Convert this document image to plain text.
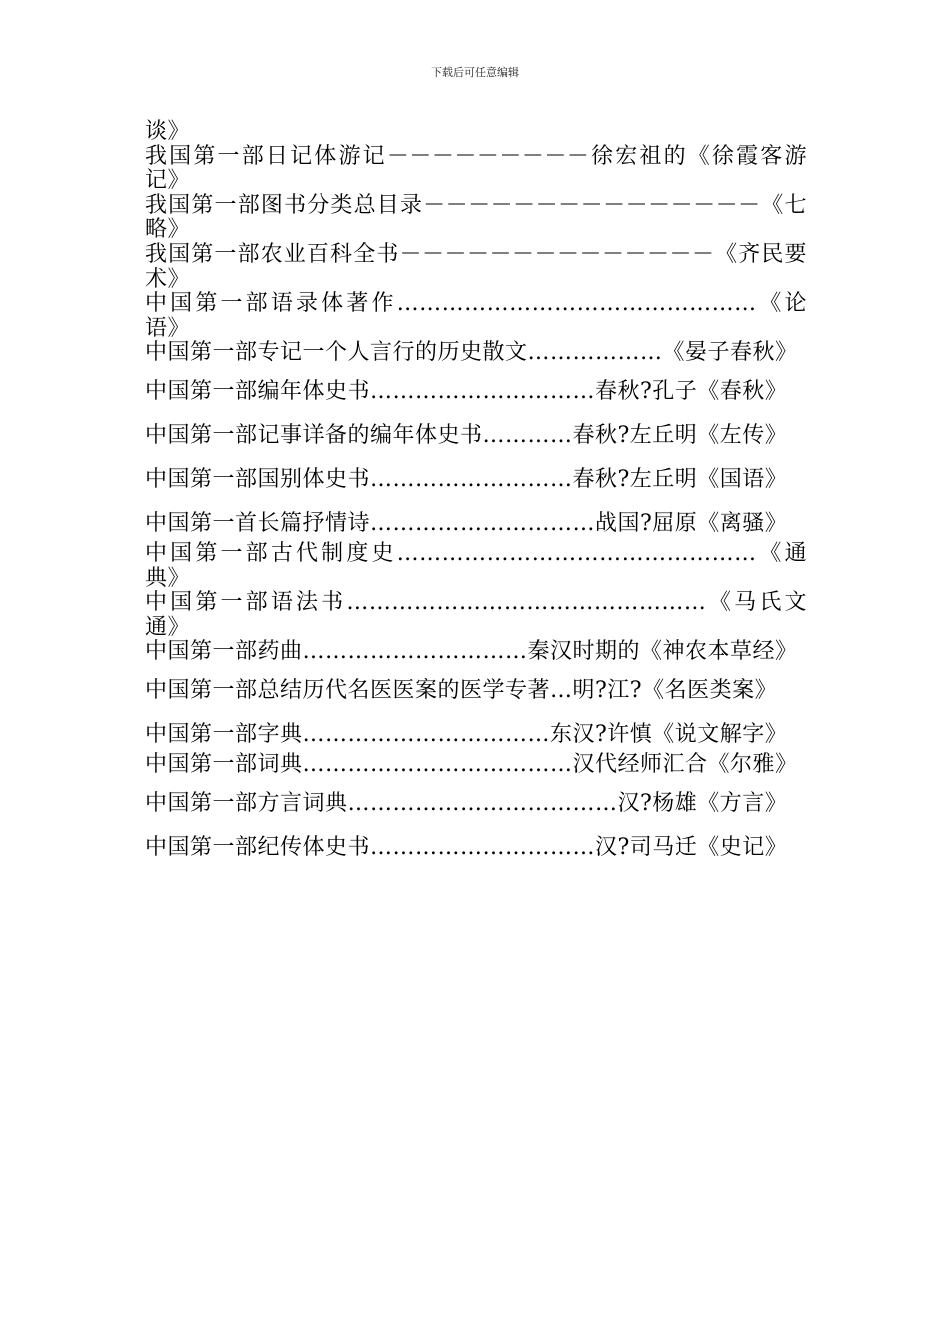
下载后可任意编辑

谈》

我国第一部日记体游记－－－－－－－－－徐宏祖的《徐霞客游记》

我国第一部图书分类总目录－－－－－－－－－－－－－－－《七略》

我国第一部农业百科全书－－－－－－－－－－－－－－《齐民要术》

中国第一部语录体著作…………………………………………《论语》

中国第一部专记一个人言行的历史散文………………《晏子春秋》

中国第一部编年体史书…………………………春秋?孔子《春秋》

中国第一部记事详备的编年体史书…………春秋?左丘明《左传》

中国第一部国别体史书………………………春秋?左丘明《国语》

中国第一首长篇抒情诗…………………………战国?屈原《离骚》

中国第一部古代制度史…………………………………………《通典》

中国第一部语法书…………………………………………《马氏文通》

中国第一部药曲…………………………秦汉时期的《神农本草经》

中国第一部总结历代名医医案的医学专著…明?江?《名医类案》

中国第一部字典……………………………东汉?许慎《说文解字》

中国第一部词典………………………………汉代经师汇合《尔雅》

中国第一部方言词典………………………………汉?杨雄《方言》

中国第一部纪传体史书…………………………汉?司马迁《史记》
